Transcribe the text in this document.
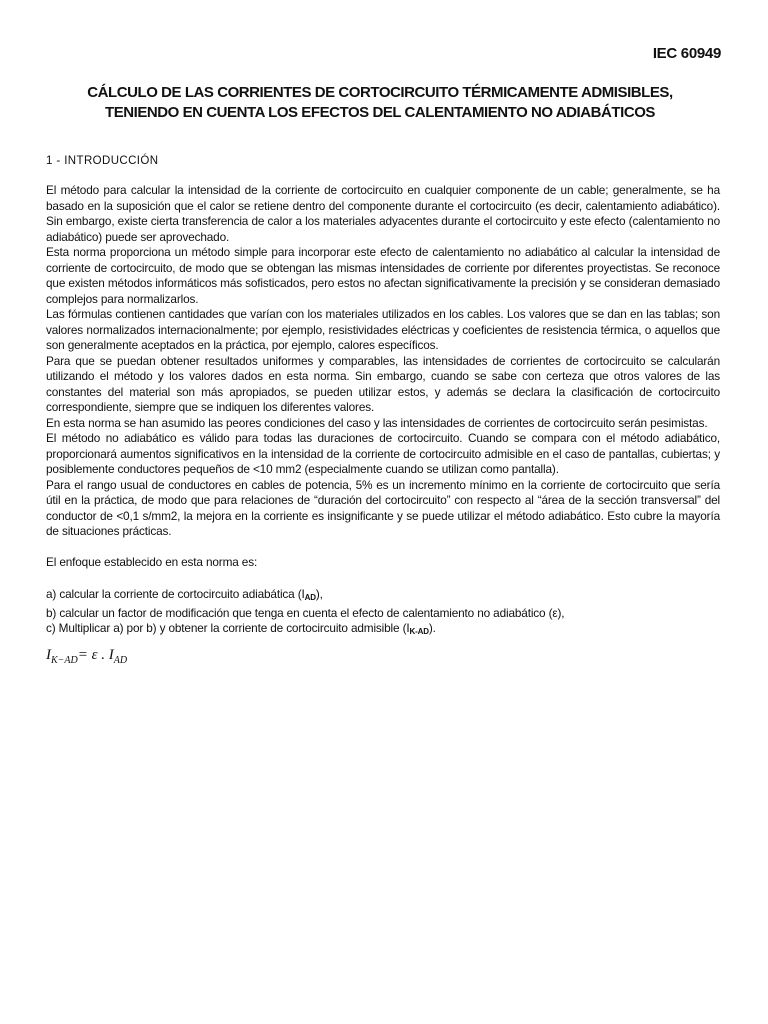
IEC 60949
CÁLCULO DE LAS CORRIENTES DE CORTOCIRCUITO TÉRMICAMENTE ADMISIBLES,
TENIENDO EN CUENTA LOS EFECTOS DEL CALENTAMIENTO NO ADIABÁTICOS
1 - INTRODUCCIÓN

El método para calcular la intensidad de la corriente de cortocircuito en cualquier componente de un cable; generalmente, se ha basado en la suposición que el calor se retiene dentro del componente durante el cortocircuito (es decir, calentamiento adiabático). Sin embargo, existe cierta transferencia de calor a los materiales adyacentes durante el cortocircuito y este efecto (calentamiento no adiabático) puede ser aprovechado.

Esta norma proporciona un método simple para incorporar este efecto de calentamiento no adiabático al calcular la intensidad de corriente de cortocircuito, de modo que se obtengan las mismas intensidades de corriente por diferentes proyectistas. Se reconoce que existen métodos informáticos más sofisticados, pero estos no afectan significativamente la precisión y se consideran demasiado complejos para normalizarlos.

Las fórmulas contienen cantidades que varían con los materiales utilizados en los cables. Los valores que se dan en las tablas; son valores normalizados internacionalmente; por ejemplo, resistividades eléctricas y coeficientes de resistencia térmica, o aquellos que son generalmente aceptados en la práctica, por ejemplo, calores específicos.

Para que se puedan obtener resultados uniformes y comparables, las intensidades de corrientes de cortocircuito se calcularán utilizando el método y los valores dados en esta norma. Sin embargo, cuando se sabe con certeza que otros valores de las constantes del material son más apropiados, se pueden utilizar estos, y además se declara la clasificación de cortocircuito correspondiente, siempre que se indiquen los diferentes valores.

En esta norma se han asumido las peores condiciones del caso y las intensidades de corrientes de cortocircuito serán pesimistas.

El método no adiabático es válido para todas las duraciones de cortocircuito. Cuando se compara con el método adiabático, proporcionará aumentos significativos en la intensidad de la corriente de cortocircuito admisible en el caso de pantallas, cubiertas; y posiblemente conductores pequeños de <10 mm2 (especialmente cuando se utilizan como pantalla).

Para el rango usual de conductores en cables de potencia, 5% es un incremento mínimo en la corriente de cortocircuito que sería útil en la práctica, de modo que para relaciones de “duración del cortocircuito” con respecto al “área de la sección transversal” del conductor de <0,1 s/mm2, la mejora en la corriente es insignificante y se puede utilizar el método adiabático. Esto cubre la mayoría de situaciones prácticas.

El enfoque establecido en esta norma es:

a) calcular la corriente de cortocircuito adiabática $(I_{AD})$,
b) calcular un factor de modificación que tenga en cuenta el efecto de calentamiento no adiabático (ε),
c) Multiplicar a) por b) y obtener la corriente de cortocircuito admisible $(I_{K-AD})$.
$I_{K-AD}= \varepsilon$ . $I_{AD}$
